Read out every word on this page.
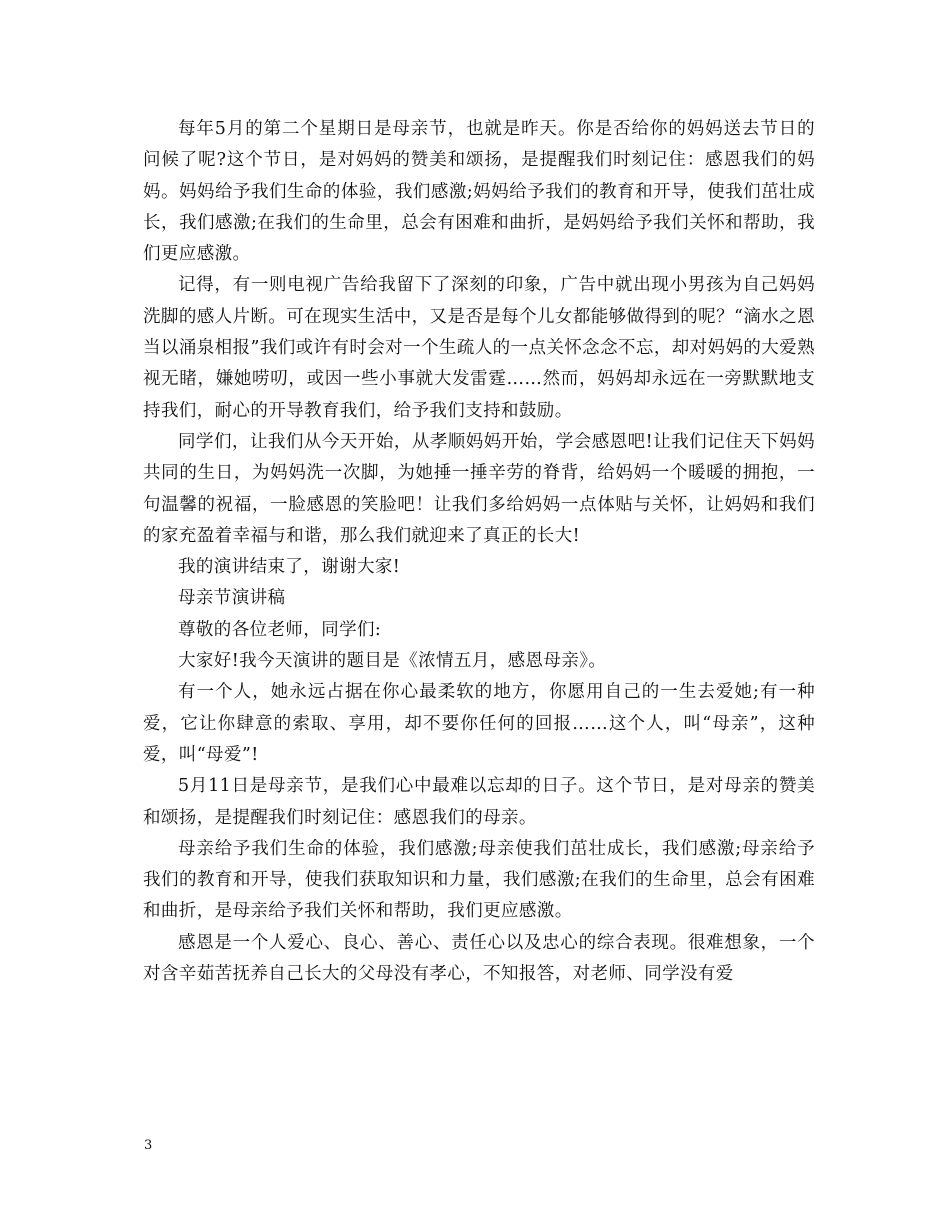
每年5月的第二个星期日是母亲节，也就是昨天。你是否给你的妈妈送去节日的问候了呢?这个节日，是对妈妈的赞美和颂扬，是提醒我们时刻记住：感恩我们的妈妈。妈妈给予我们生命的体验，我们感激;妈妈给予我们的教育和开导，使我们茁壮成长，我们感激;在我们的生命里，总会有困难和曲折，是妈妈给予我们关怀和帮助，我们更应感激。

记得，有一则电视广告给我留下了深刻的印象，广告中就出现小男孩为自己妈妈洗脚的感人片断。可在现实生活中，又是否是每个儿女都能够做得到的呢？“滴水之恩当以涌泉相报”我们或许有时会对一个生疏人的一点关怀念念不忘，却对妈妈的大爱熟视无睹，嫌她唠叨，或因一些小事就大发雷霆……然而，妈妈却永远在一旁默默地支持我们，耐心的开导教育我们，给予我们支持和鼓励。

同学们，让我们从今天开始，从孝顺妈妈开始，学会感恩吧!让我们记住天下妈妈共同的生日，为妈妈洗一次脚，为她捶一捶辛劳的脊背，给妈妈一个暖暖的拥抱，一句温馨的祝福，一脸感恩的笑脸吧！让我们多给妈妈一点体贴与关怀，让妈妈和我们的家充盈着幸福与和谐，那么我们就迎来了真正的长大!

我的演讲结束了，谢谢大家!

母亲节演讲稿

尊敬的各位老师，同学们:

大家好!我今天演讲的题目是《浓情五月，感恩母亲》。

有一个人，她永远占据在你心最柔软的地方，你愿用自己的一生去爱她;有一种爱，它让你肆意的索取、享用，却不要你任何的回报……这个人，叫“母亲”，这种爱，叫“母爱”!

5月11日是母亲节，是我们心中最难以忘却的日子。这个节日，是对母亲的赞美和颂扬，是提醒我们时刻记住：感恩我们的母亲。

母亲给予我们生命的体验，我们感激;母亲使我们茁壮成长，我们感激;母亲给予我们的教育和开导，使我们获取知识和力量，我们感激;在我们的生命里，总会有困难和曲折，是母亲给予我们关怀和帮助，我们更应感激。

感恩是一个人爱心、良心、善心、责任心以及忠心的综合表现。很难想象，一个对含辛茹苦抚养自己长大的父母没有孝心，不知报答，对老师、同学没有爱

3
